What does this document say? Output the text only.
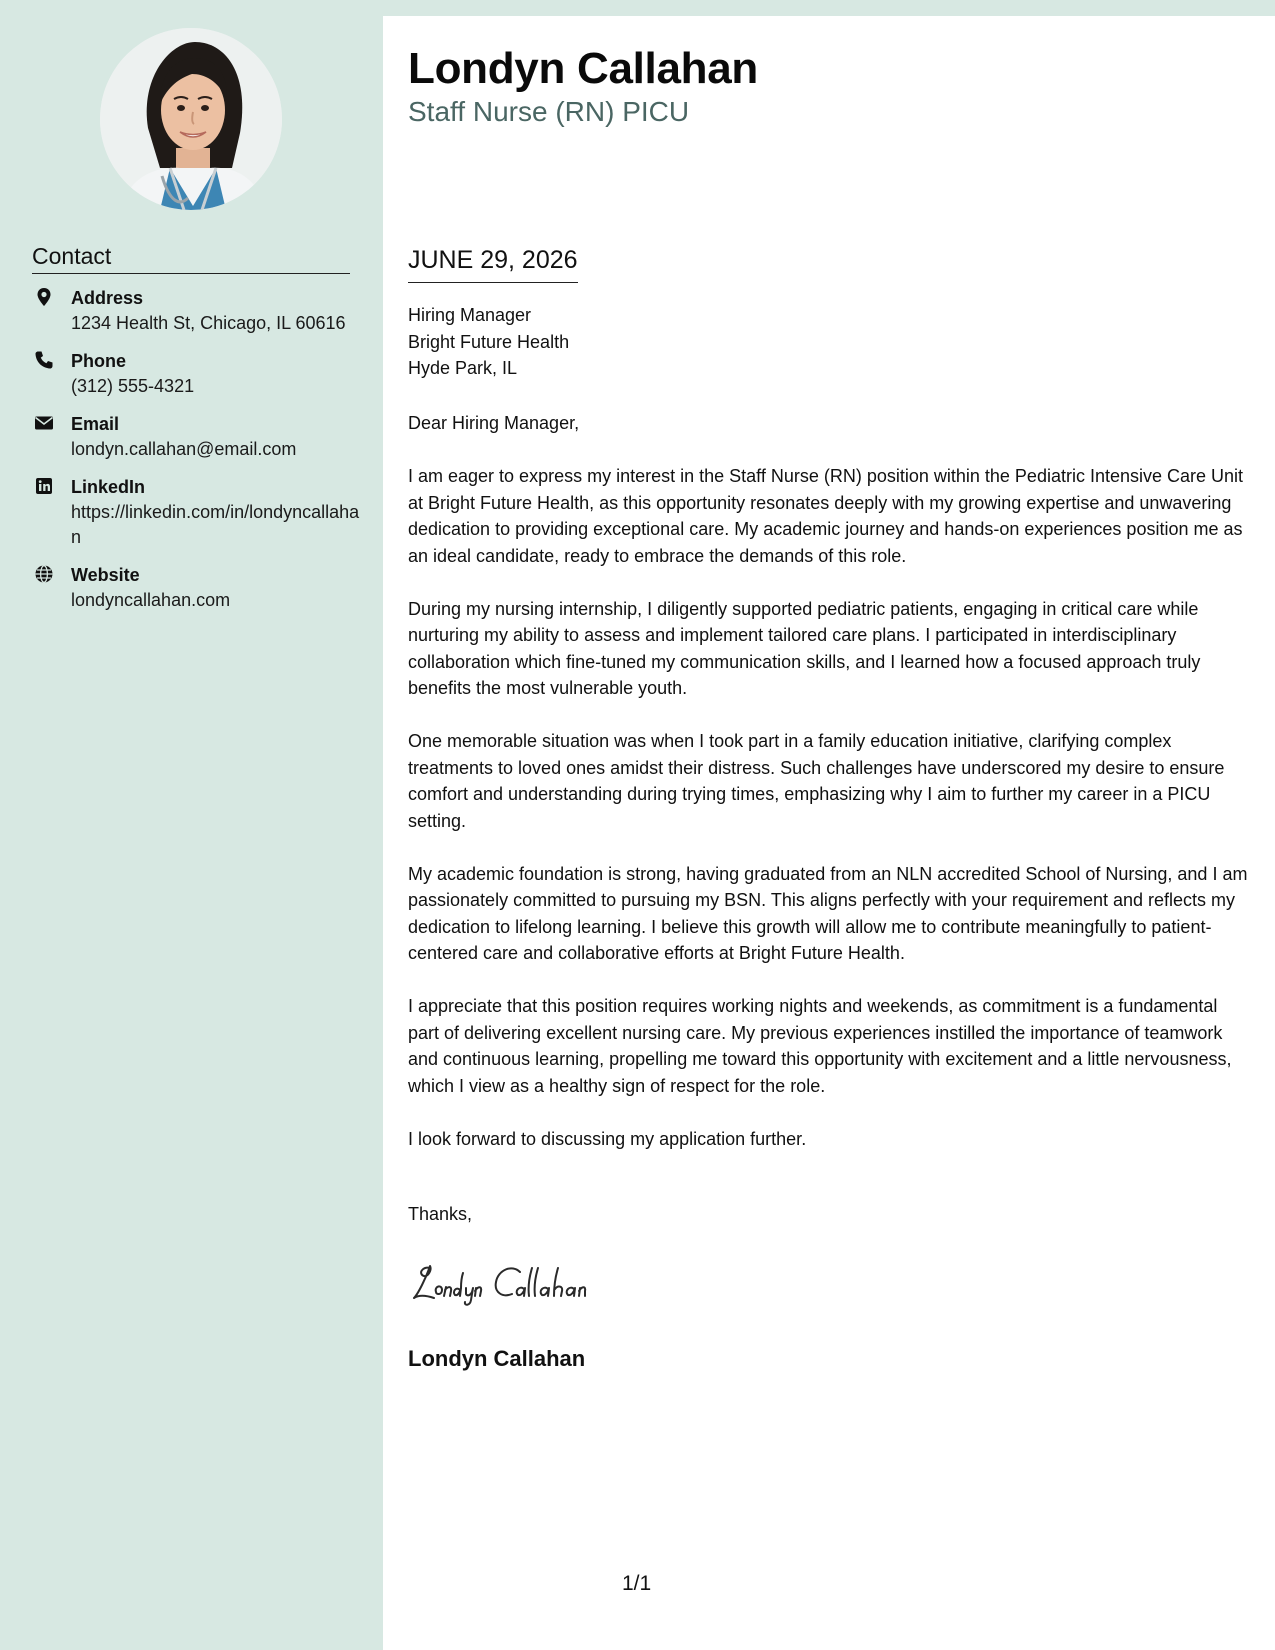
Contact
Address
1234 Health St, Chicago, IL 60616
Phone
(312) 555-4321
Email
londyn.callahan@email.com
LinkedIn
https://linkedin.com/in/londyncallahan
Website
londyncallahan.com
Londyn Callahan
Staff Nurse (RN) PICU
JUNE 29, 2026
Hiring Manager
Bright Future Health
Hyde Park, IL

Dear Hiring Manager,

I am eager to express my interest in the Staff Nurse (RN) position within the Pediatric Intensive Care Unit at Bright Future Health, as this opportunity resonates deeply with my growing expertise and unwavering dedication to providing exceptional care. My academic journey and hands-on experiences position me as an ideal candidate, ready to embrace the demands of this role.

During my nursing internship, I diligently supported pediatric patients, engaging in critical care while nurturing my ability to assess and implement tailored care plans. I participated in interdisciplinary collaboration which fine-tuned my communication skills, and I learned how a focused approach truly benefits the most vulnerable youth.

One memorable situation was when I took part in a family education initiative, clarifying complex treatments to loved ones amidst their distress. Such challenges have underscored my desire to ensure comfort and understanding during trying times, emphasizing why I aim to further my career in a PICU setting.

My academic foundation is strong, having graduated from an NLN accredited School of Nursing, and I am passionately committed to pursuing my BSN. This aligns perfectly with your requirement and reflects my dedication to lifelong learning. I believe this growth will allow me to contribute meaningfully to patient-centered care and collaborative efforts at Bright Future Health.

I appreciate that this position requires working nights and weekends, as commitment is a fundamental part of delivering excellent nursing care. My previous experiences instilled the importance of teamwork and continuous learning, propelling me toward this opportunity with excitement and a little nervousness, which I view as a healthy sign of respect for the role.

I look forward to discussing my application further.

Thanks,
Londyn Callahan
1/1
